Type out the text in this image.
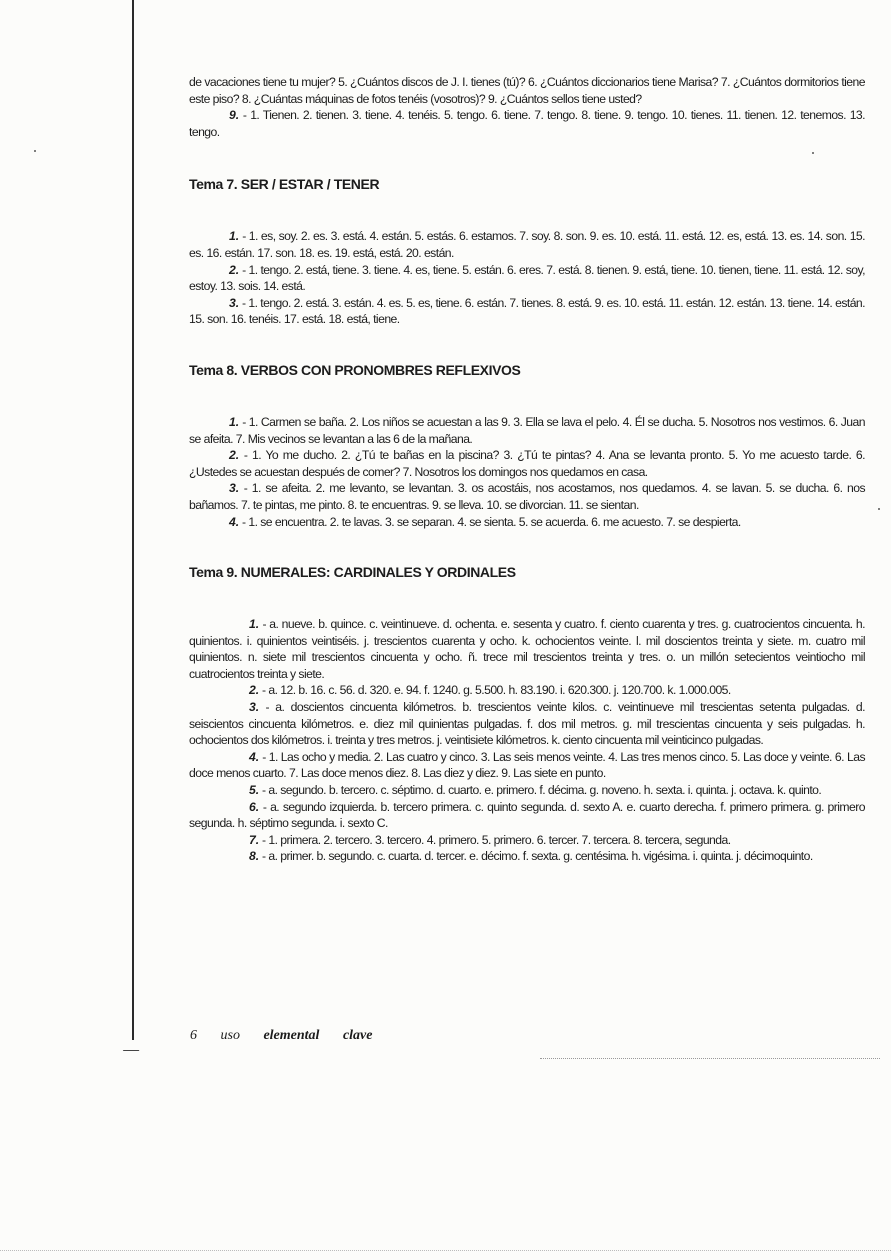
de vacaciones tiene tu mujer? 5. ¿Cuántos discos de J. I. tienes (tú)? 6. ¿Cuántos diccionarios tiene Marisa? 7. ¿Cuántos dormitorios tiene este piso? 8. ¿Cuántas máquinas de fotos tenéis (vosotros)? 9. ¿Cuántos sellos tiene usted?

9. - 1. Tienen. 2. tienen. 3. tiene. 4. tenéis. 5. tengo. 6. tiene. 7. tengo. 8. tiene. 9. tengo. 10. tienes. 11. tienen. 12. tenemos. 13. tengo.

Tema 7. SER / ESTAR / TENER

1. - 1. es, soy. 2. es. 3. está. 4. están. 5. estás. 6. estamos. 7. soy. 8. son. 9. es. 10. está. 11. está. 12. es, está. 13. es. 14. son. 15. es. 16. están. 17. son. 18. es. 19. está, está. 20. están.

2. - 1. tengo. 2. está, tiene. 3. tiene. 4. es, tiene. 5. están. 6. eres. 7. está. 8. tienen. 9. está, tiene. 10. tienen, tiene. 11. está. 12. soy, estoy. 13. sois. 14. está.

3. - 1. tengo. 2. está. 3. están. 4. es. 5. es, tiene. 6. están. 7. tienes. 8. está. 9. es. 10. está. 11. están. 12. están. 13. tiene. 14. están. 15. son. 16. tenéis. 17. está. 18. está, tiene.

Tema 8. VERBOS CON PRONOMBRES REFLEXIVOS

1. - 1. Carmen se baña. 2. Los niños se acuestan a las 9. 3. Ella se lava el pelo. 4. Él se ducha. 5. Nosotros nos vestimos. 6. Juan se afeita. 7. Mis vecinos se levantan a las 6 de la mañana.

2. - 1. Yo me ducho. 2. ¿Tú te bañas en la piscina? 3. ¿Tú te pintas? 4. Ana se levanta pronto. 5. Yo me acuesto tarde. 6. ¿Ustedes se acuestan después de comer? 7. Nosotros los domingos nos quedamos en casa.

3. - 1. se afeita. 2. me levanto, se levantan. 3. os acostáis, nos acostamos, nos quedamos. 4. se lavan. 5. se ducha. 6. nos bañamos. 7. te pintas, me pinto. 8. te encuentras. 9. se lleva. 10. se divorcian. 11. se sientan.

4. - 1. se encuentra. 2. te lavas. 3. se separan. 4. se sienta. 5. se acuerda. 6. me acuesto. 7. se despierta.

Tema 9. NUMERALES: CARDINALES Y ORDINALES

1. - a. nueve. b. quince. c. veintinueve. d. ochenta. e. sesenta y cuatro. f. ciento cuarenta y tres. g. cuatrocientos cincuenta. h. quinientos. i. quinientos veintiséis. j. trescientos cuarenta y ocho. k. ochocientos veinte. l. mil doscientos treinta y siete. m. cuatro mil quinientos. n. siete mil trescientos cincuenta y ocho. ñ. trece mil trescientos treinta y tres. o. un millón setecientos veintiocho mil cuatrocientos treinta y siete.

2. - a. 12. b. 16. c. 56. d. 320. e. 94. f. 1240. g. 5.500. h. 83.190. i. 620.300. j. 120.700. k. 1.000.005.

3. - a. doscientos cincuenta kilómetros. b. trescientos veinte kilos. c. veintinueve mil trescientas setenta pulgadas. d. seiscientos cincuenta kilómetros. e. diez mil quinientas pulgadas. f. dos mil metros. g. mil trescientas cincuenta y seis pulgadas. h. ochocientos dos kilómetros. i. treinta y tres metros. j. veintisiete kilómetros. k. ciento cincuenta mil veinticinco pulgadas.

4. - 1. Las ocho y media. 2. Las cuatro y cinco. 3. Las seis menos veinte. 4. Las tres menos cinco. 5. Las doce y veinte. 6. Las doce menos cuarto. 7. Las doce menos diez. 8. Las diez y diez. 9. Las siete en punto.

5. - a. segundo. b. tercero. c. séptimo. d. cuarto. e. primero. f. décima. g. noveno. h. sexta. i. quinta. j. octava. k. quinto.

6. - a. segundo izquierda. b. tercero primera. c. quinto segunda. d. sexto A. e. cuarto derecha. f. primero primera. g. primero segunda. h. séptimo segunda. i. sexto C.

7. - 1. primera. 2. tercero. 3. tercero. 4. primero. 5. primero. 6. tercer. 7. tercera. 8. tercera, segunda.

8. - a. primer. b. segundo. c. cuarta. d. tercer. e. décimo. f. sexta. g. centésima. h. vigésima. i. quinta. j. décimoquinto.

6 uso elemental clave
